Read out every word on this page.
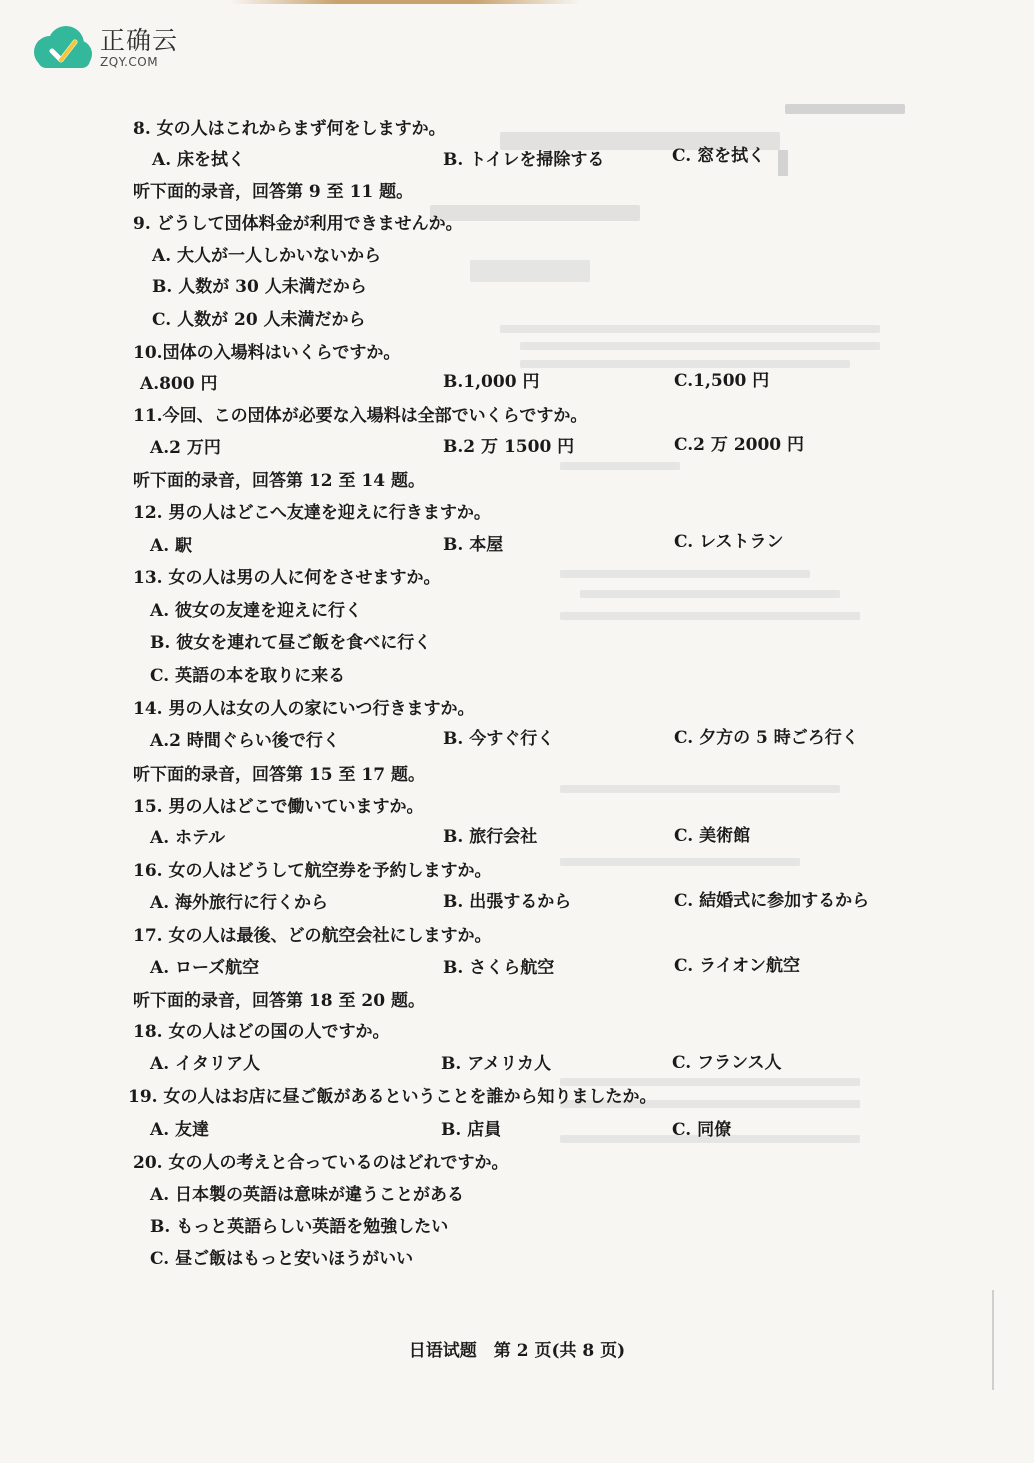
正确云
ZQY.COM
8. 女の人はこれからまず何をしますか。
A. 床を拭く	B. トイレを掃除する	C. 窓を拭く
听下面的录音，回答第 9 至 11 题。
9. どうして団体料金が利用できませんか。
A. 大人が一人しかいないから
B. 人数が 30 人未満だから
C. 人数が 20 人未満だから
10.団体の入場料はいくらですか。
A.800 円	B.1,000 円	C.1,500 円
11.今回、この団体が必要な入場料は全部でいくらですか。
A.2 万円	B.2 万 1500 円	C.2 万 2000 円
听下面的录音，回答第 12 至 14 题。
12. 男の人はどこへ友達を迎えに行きますか。
A. 駅	B. 本屋	C. レストラン
13. 女の人は男の人に何をさせますか。
A. 彼女の友達を迎えに行く
B. 彼女を連れて昼ご飯を食べに行く
C. 英語の本を取りに来る
14. 男の人は女の人の家にいつ行きますか。
A.2 時間ぐらい後で行く	B. 今すぐ行く	C. 夕方の 5 時ごろ行く
听下面的录音，回答第 15 至 17 题。
15. 男の人はどこで働いていますか。
A. ホテル	B. 旅行会社	C. 美術館
16. 女の人はどうして航空券を予約しますか。
A. 海外旅行に行くから	B. 出張するから	C. 結婚式に参加するから
17. 女の人は最後、どの航空会社にしますか。
A. ローズ航空	B. さくら航空	C. ライオン航空
听下面的录音，回答第 18 至 20 题。
18. 女の人はどの国の人ですか。
A. イタリア人	B. アメリカ人	C. フランス人
19. 女の人はお店に昼ご飯があるということを誰から知りましたか。
A. 友達	B. 店員	C. 同僚
20. 女の人の考えと合っているのはどれですか。
A. 日本製の英語は意味が違うことがある
B. もっと英語らしい英語を勉強したい
C. 昼ご飯はもっと安いほうがいい
日语试题　第 2 页(共 8 页)
